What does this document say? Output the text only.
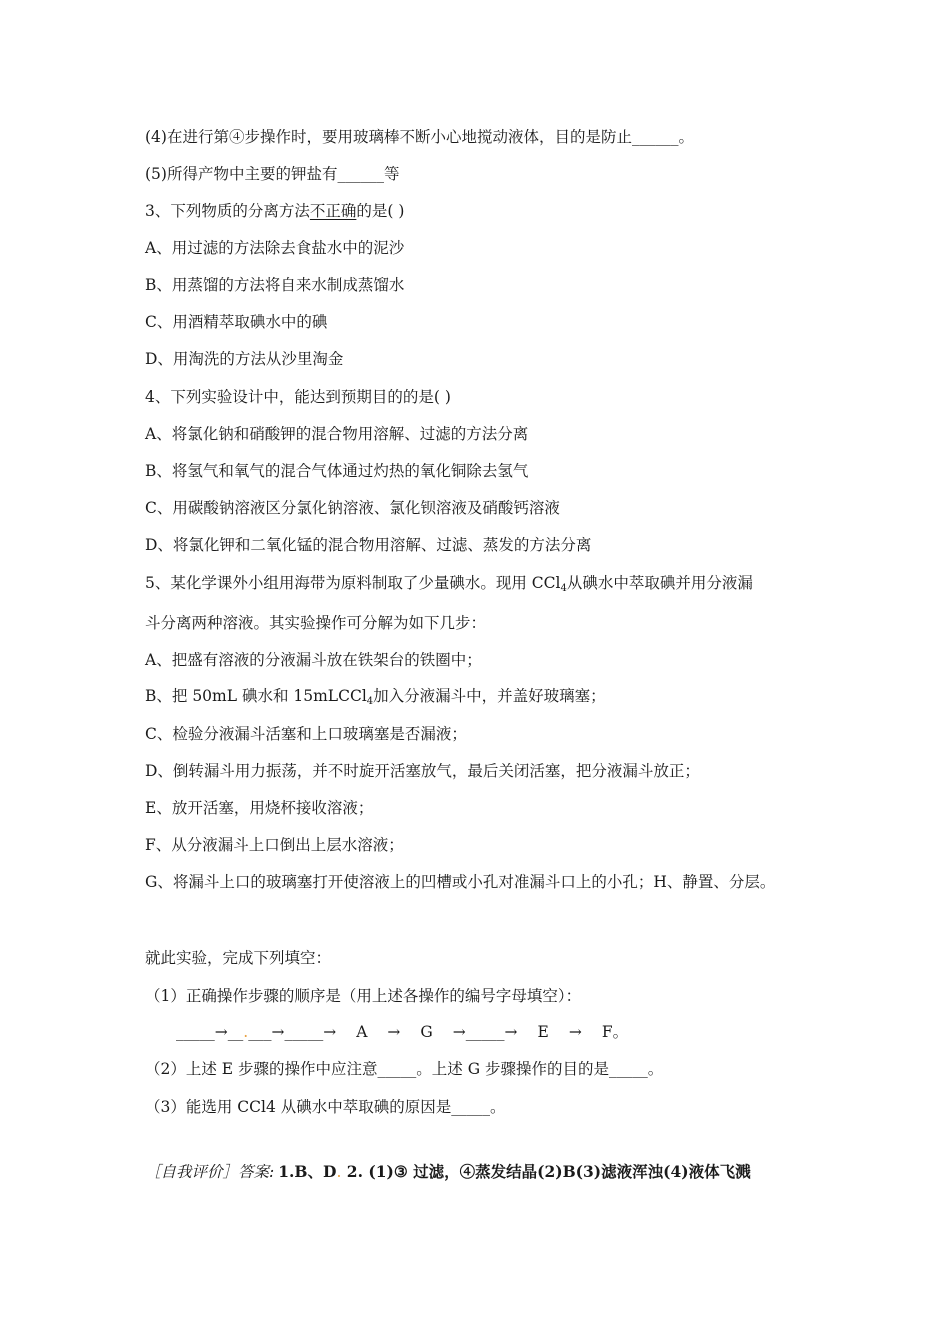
(4)在进行第④步操作时，要用玻璃棒不断小心地搅动液体，目的是防止______。

(5)所得产物中主要的钾盐有______等

3、下列物质的分离方法不正确的是( )

A、用过滤的方法除去食盐水中的泥沙

B、用蒸馏的方法将自来水制成蒸馏水

C、用酒精萃取碘水中的碘

D、用淘洗的方法从沙里淘金

4、下列实验设计中，能达到预期目的的是( )

A、将氯化钠和硝酸钾的混合物用溶解、过滤的方法分离

B、将氢气和氧气的混合气体通过灼热的氧化铜除去氢气

C、用碳酸钠溶液区分氯化钠溶液、氯化钡溶液及硝酸钙溶液

D、将氯化钾和二氧化锰的混合物用溶解、过滤、蒸发的方法分离

5、某化学课外小组用海带为原料制取了少量碘水。现用 CCl$_4$从碘水中萃取碘并用分液漏

斗分离两种溶液。其实验操作可分解为如下几步：

A、把盛有溶液的分液漏斗放在铁架台的铁圈中；

B、把 50mL 碘水和 15mLCCl$_4$加入分液漏斗中，并盖好玻璃塞；

C、检验分液漏斗活塞和上口玻璃塞是否漏液；

D、倒转漏斗用力振荡，并不时旋开活塞放气，最后关闭活塞，把分液漏斗放正；

E、放开活塞，用烧杯接收溶液；

F、从分液漏斗上口倒出上层水溶液；

G、将漏斗上口的玻璃塞打开使溶液上的凹槽或小孔对准漏斗口上的小孔；H、静置、分层。

就此实验，完成下列填空：

（1）正确操作步骤的顺序是（用上述各操作的编号字母填空）：

_____→__.___→_____→ A → G →_____→ E → F。

（2）上述 E 步骤的操作中应注意_____。上述 G 步骤操作的目的是_____。

（3）能选用 CCl4 从碘水中萃取碘的原因是_____。

［自我评价］答案: 1.B、D. 2. (1)③ 过滤，④蒸发结晶(2)B(3)滤液浑浊(4)液体飞溅
